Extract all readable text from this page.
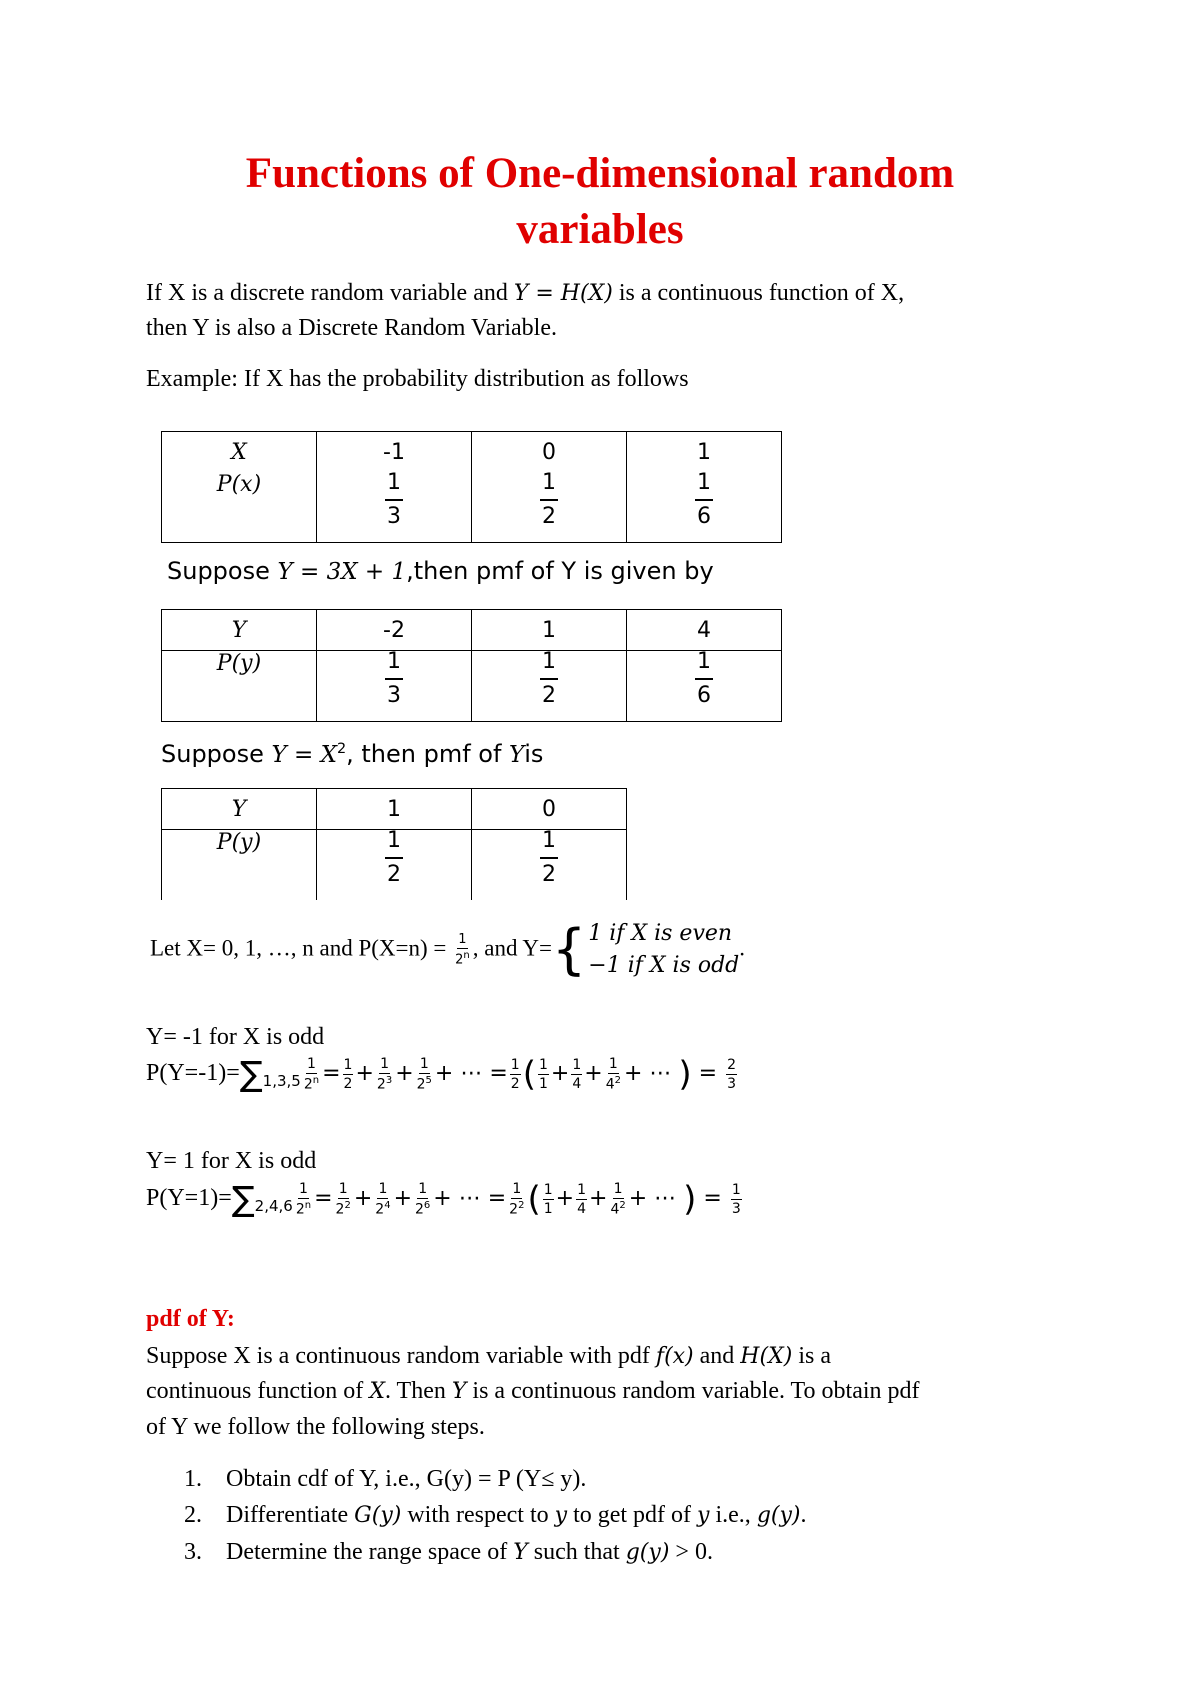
Functions of One-dimensional random
variables
If X is a discrete random variable and Y = H(X) is a continuous function of X,
then Y is also a Discrete Random Variable.
Example: If X has the probability distribution as follows
X	-1	0	1
P(x)	$\frac{1}{3}$	$\frac{1}{2}$	$\frac{1}{6}$
Suppose Y = 3X + 1,then pmf of Y is given by
Y	-2	1	4
P(y)	$\frac{1}{3}$	$\frac{1}{2}$	$\frac{1}{6}$
Suppose $Y = X^2$, then pmf of Yis
Y	1	0
P(y)	$\frac{1}{2}$	$\frac{1}{2}$
Let X= 0, 1, …, n and $P(X=n) = \frac{1}{2^n}$ , and Y= { 1 if X is even
−1 if X is odd
.
Y= -1 for X is odd
$P(Y=-1)=\sum_{1,3,5} \frac{1}{2^n} = \frac{1}{2} + \frac{1}{2^3} + \frac{1}{2^5}$ + ⋯ = $\frac{1}{2}$ ( $\frac{1}{1} + \frac{1}{4} + \frac{1}{4^2}$ + ⋯ ) = $\frac{2}{3}$
Y= 1 for X is odd
$P(Y=1)=\sum_{2,4,6} \frac{1}{2^n} = \frac{1}{2^2} + \frac{1}{2^4} + \frac{1}{2^6}$ + ⋯ = $\frac{1}{2^2}$ ( $\frac{1}{1} + \frac{1}{4} + \frac{1}{4^2}$ + ⋯ ) = $\frac{1}{3}$
pdf of Y:
Suppose X is a continuous random variable with pdf f(x) and H(X) is a
continuous function of X. Then Y is a continuous random variable. To obtain pdf
of Y we follow the following steps.
1. Obtain cdf of Y, i.e., G(y) = P (Y≤ y).
2. Differentiate G(y) with respect to y to get pdf of y i.e., g(y).
3. Determine the range space of Y such that g(y) > 0.
